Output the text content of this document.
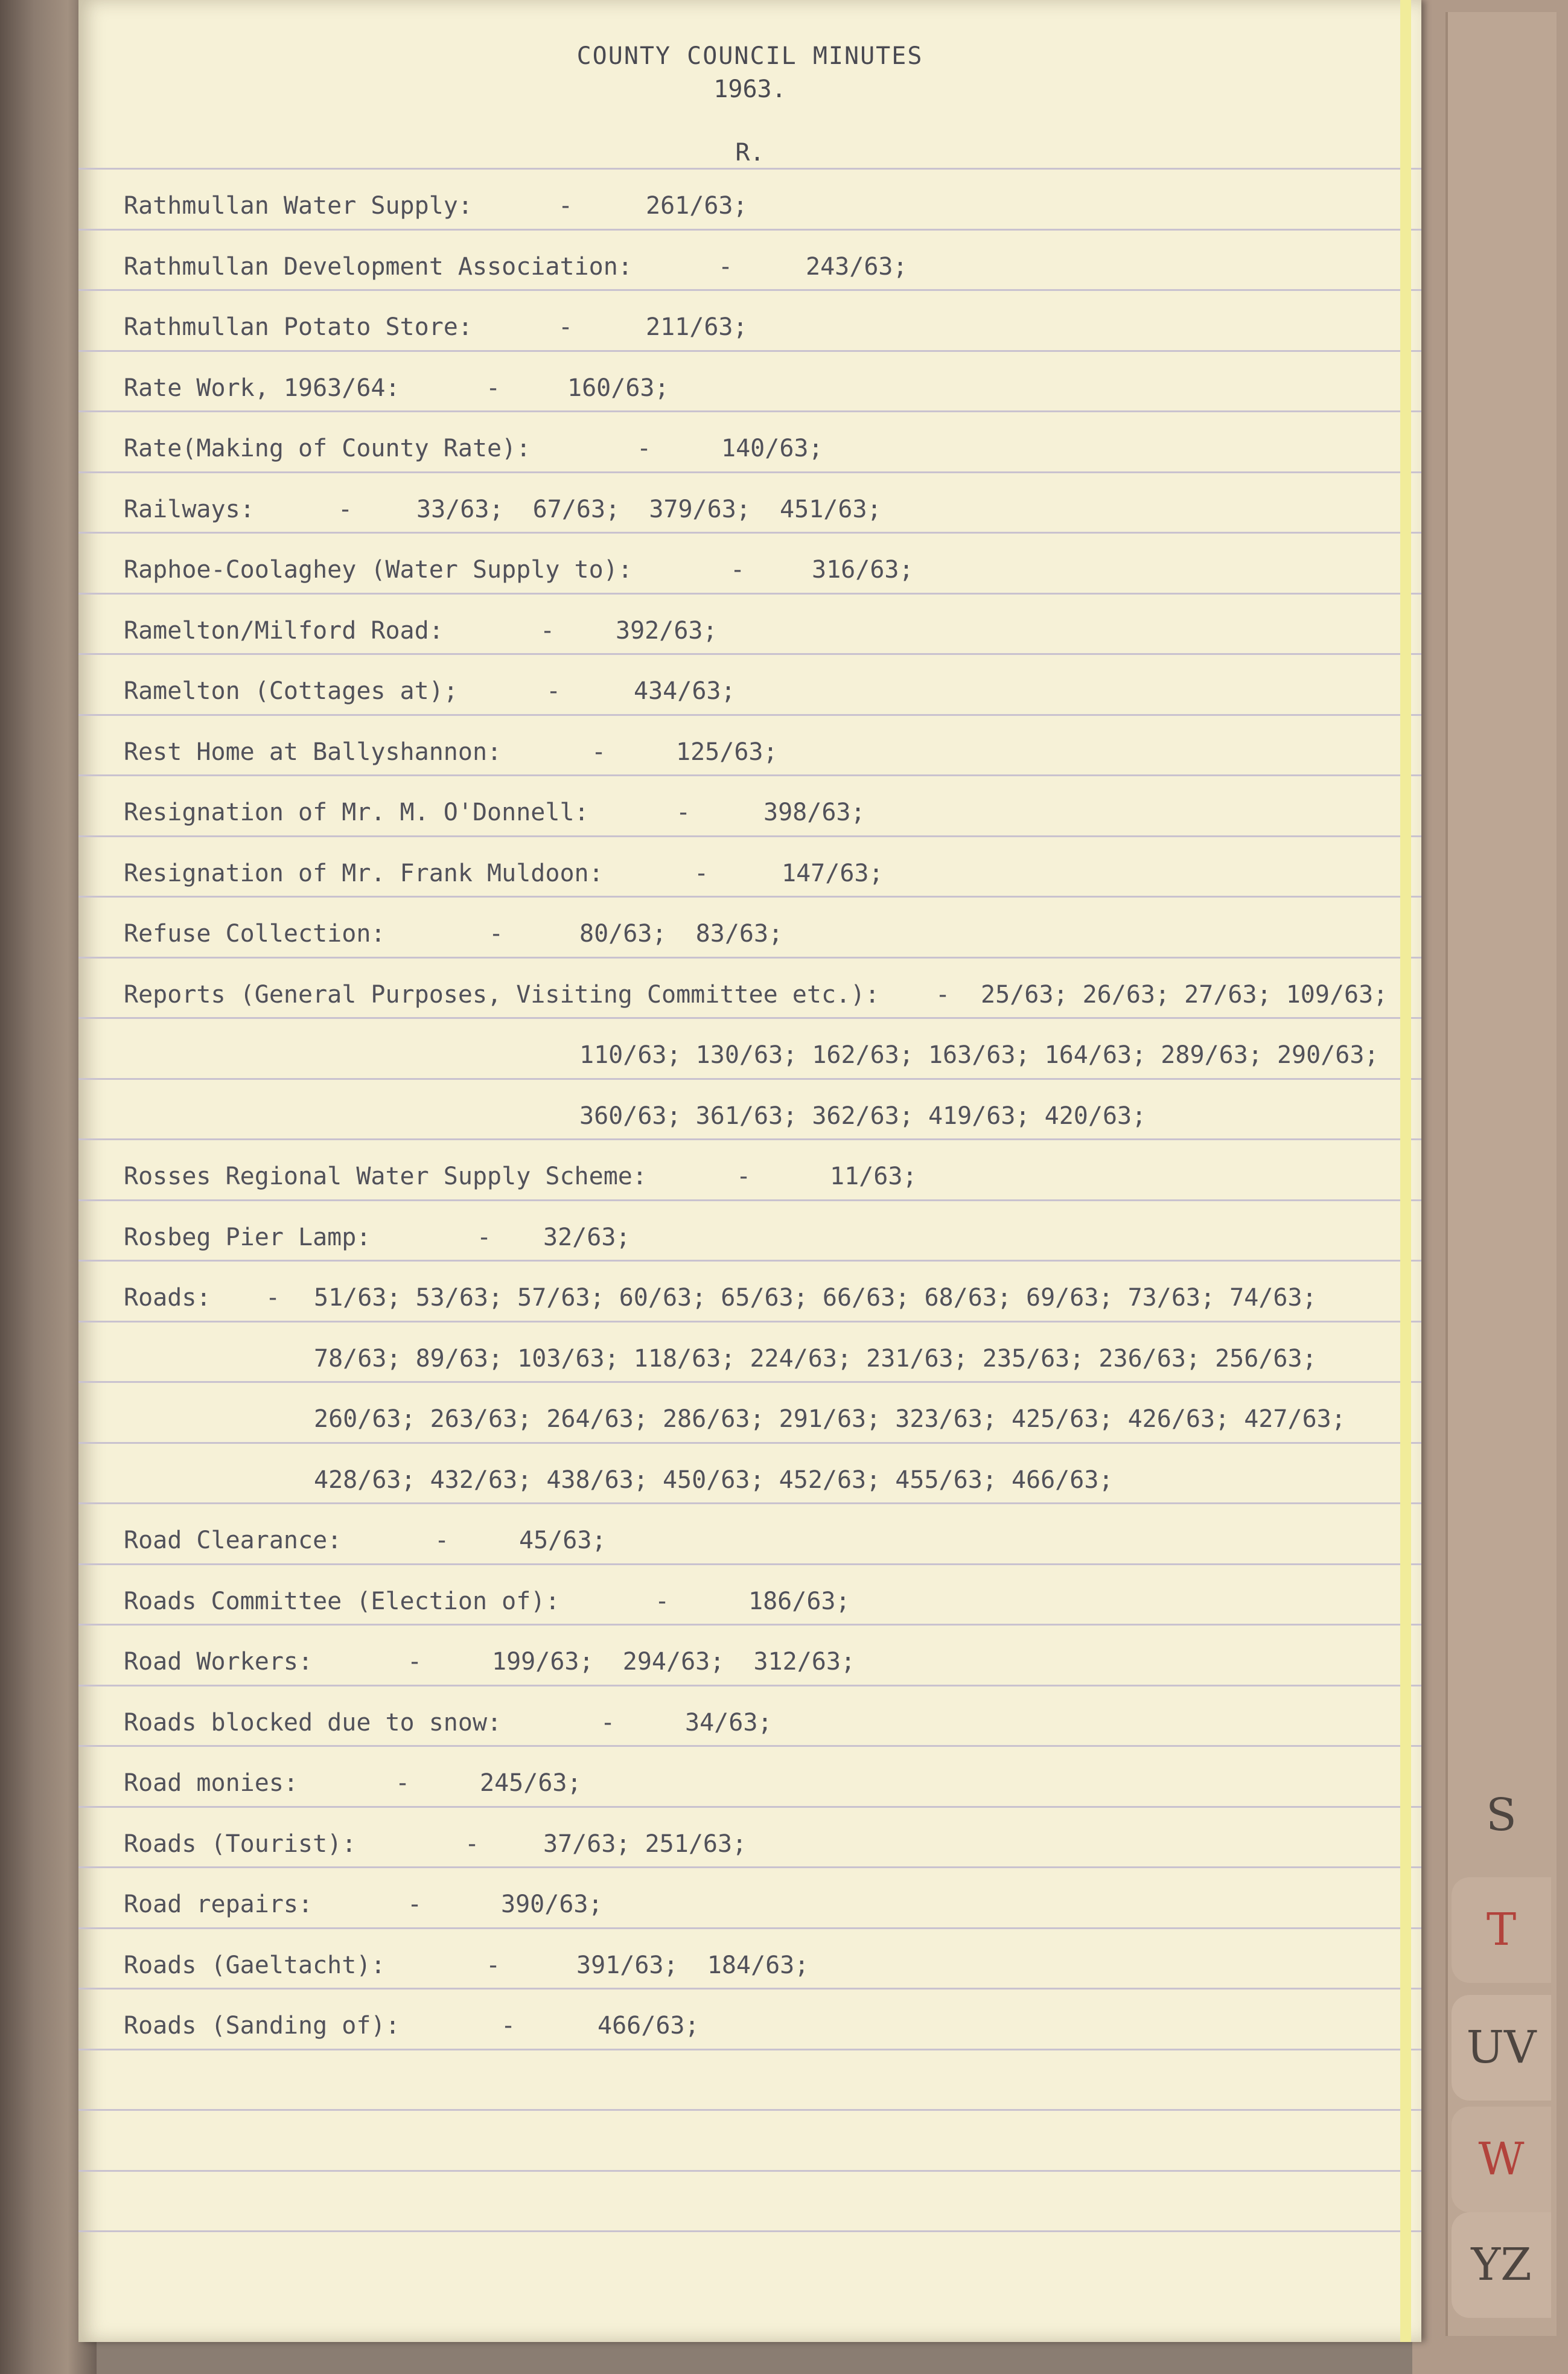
COUNTY COUNCIL MINUTES
1963.
R.
Rathmullan Water Supply:	-	261/63;
Rathmullan Development Association:	-	243/63;
Rathmullan Potato Store:	-	211/63;
Rate Work, 1963/64:	-	160/63;
Rate(Making of County Rate):	-	140/63;
Railways:	-	33/63;  67/63;  379/63;  451/63;
Raphoe-Coolaghey (Water Supply to):	-	316/63;
Ramelton/Milford Road:	-	392/63;
Ramelton (Cottages at);	-	434/63;
Rest Home at Ballyshannon:	-	125/63;
Resignation of Mr. M. O'Donnell:	-	398/63;
Resignation of Mr. Frank Muldoon:	-	147/63;
Refuse Collection:	-	80/63;  83/63;
Reports (General Purposes, Visiting Committee etc.): - 25/63; 26/63; 27/63; 109/63;
110/63; 130/63; 162/63; 163/63; 164/63; 289/63; 290/63;
360/63; 361/63; 362/63; 419/63; 420/63;
Rosses Regional Water Supply Scheme:	-	11/63;
Rosbeg Pier Lamp:	- 32/63;
Roads: - 51/63; 53/63; 57/63; 60/63; 65/63; 66/63; 68/63; 69/63; 73/63; 74/63;
78/63; 89/63; 103/63; 118/63; 224/63; 231/63; 235/63; 236/63; 256/63;
260/63; 263/63; 264/63; 286/63; 291/63; 323/63; 425/63; 426/63; 427/63;
428/63; 432/63; 438/63; 450/63; 452/63; 455/63; 466/63;
Road Clearance:	-	45/63;
Roads Committee (Election of):	-	186/63;
Road Workers:	-	199/63;  294/63;  312/63;
Roads blocked due to snow:	-	34/63;
Road monies:	-	245/63;
Roads (Tourist):	-	37/63; 251/63;
Road repairs:	-	390/63;
Roads (Gaeltacht):	-	391/63;  184/63;
Roads (Sanding of):	-	466/63;
S
T
UV
W
YZ
